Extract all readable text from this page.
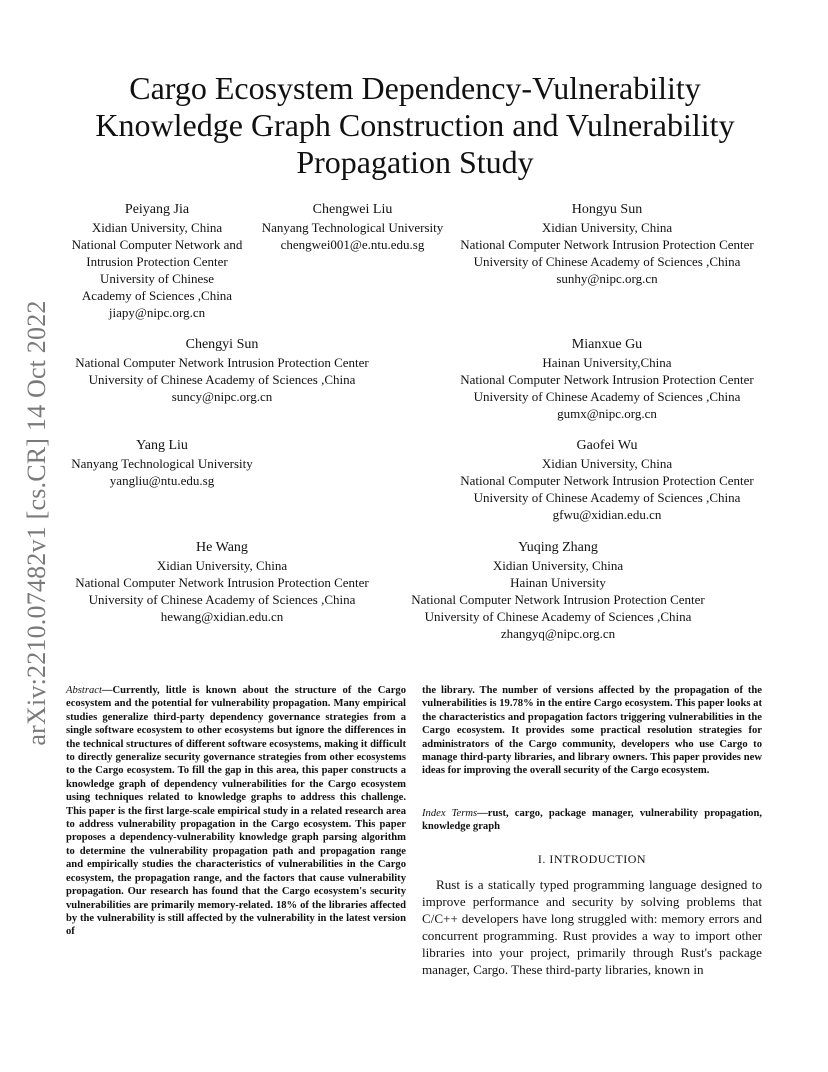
arXiv:2210.07482v1 [cs.CR] 14 Oct 2022
Cargo Ecosystem Dependency-Vulnerability Knowledge Graph Construction and Vulnerability Propagation Study
Peiyang Jia
Xidian University, China
National Computer Network and
Intrusion Protection Center
University of Chinese
Academy of Sciences ,China
jiapy@nipc.org.cn
Chengwei Liu
Nanyang Technological University
chengwei001@e.ntu.edu.sg
Hongyu Sun
Xidian University, China
National Computer Network Intrusion Protection Center
University of Chinese Academy of Sciences ,China
sunhy@nipc.org.cn
Chengyi Sun
National Computer Network Intrusion Protection Center
University of Chinese Academy of Sciences ,China
suncy@nipc.org.cn
Mianxue Gu
Hainan University,China
National Computer Network Intrusion Protection Center
University of Chinese Academy of Sciences ,China
gumx@nipc.org.cn
Yang Liu
Nanyang Technological University
yangliu@ntu.edu.sg
Gaofei Wu
Xidian University, China
National Computer Network Intrusion Protection Center
University of Chinese Academy of Sciences ,China
gfwu@xidian.edu.cn
He Wang
Xidian University, China
National Computer Network Intrusion Protection Center
University of Chinese Academy of Sciences ,China
hewang@xidian.edu.cn
Yuqing Zhang
Xidian University, China
Hainan University
National Computer Network Intrusion Protection Center
University of Chinese Academy of Sciences ,China
zhangyq@nipc.org.cn
Abstract—Currently, little is known about the structure of the Cargo ecosystem and the potential for vulnerability propagation. Many empirical studies generalize third-party dependency governance strategies from a single software ecosystem to other ecosystems but ignore the differences in the technical structures of different software ecosystems, making it difficult to directly generalize security governance strategies from other ecosystems to the Cargo ecosystem. To fill the gap in this area, this paper constructs a knowledge graph of dependency vulnerabilities for the Cargo ecosystem using techniques related to knowledge graphs to address this challenge. This paper is the first large-scale empirical study in a related research area to address vulnerability propagation in the Cargo ecosystem. This paper proposes a dependency-vulnerability knowledge graph parsing algorithm to determine the vulnerability propagation path and propagation range and empirically studies the characteristics of vulnerabilities in the Cargo ecosystem, the propagation range, and the factors that cause vulnerability propagation. Our research has found that the Cargo ecosystem's security vulnerabilities are primarily memory-related. 18% of the libraries affected by the vulnerability is still affected by the vulnerability in the latest version of
the library. The number of versions affected by the propagation of the vulnerabilities is 19.78% in the entire Cargo ecosystem. This paper looks at the characteristics and propagation factors triggering vulnerabilities in the Cargo ecosystem. It provides some practical resolution strategies for administrators of the Cargo community, developers who use Cargo to manage third-party libraries, and library owners. This paper provides new ideas for improving the overall security of the Cargo ecosystem.
Index Terms—rust, cargo, package manager, vulnerability propagation, knowledge graph
I. INTRODUCTION
Rust is a statically typed programming language designed to improve performance and security by solving problems that C/C++ developers have long struggled with: memory errors and concurrent programming. Rust provides a way to import other libraries into your project, primarily through Rust's package manager, Cargo. These third-party libraries, known in
